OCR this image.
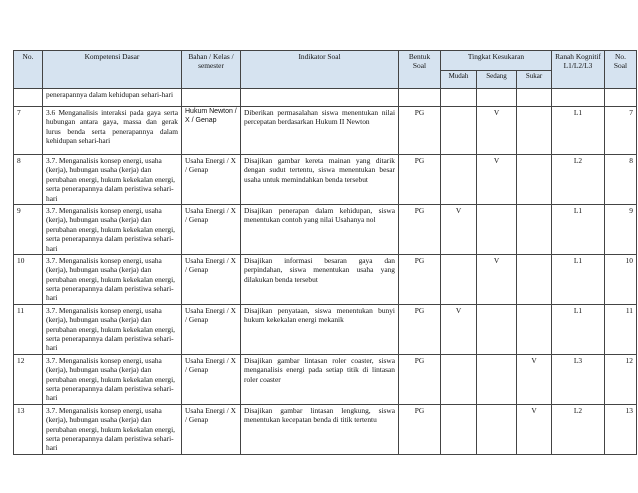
No.	Kompetensi Dasar	Bahan / Kelas / semester	Indikator Soal	Bentuk Soal	Tingkat Kesukaran			Ranah Kognitif L1/L2/L3	No. Soal
					Mudah	Sedang	Sukar		
	penerapannya dalam kehidupan sehari-hari								
7	3.6 Menganalisis interaksi pada gaya serta hubungan antara gaya, massa dan gerak lurus benda serta penerapannya dalam kehidupan sehari-hari	Hukum Newton / X / Genap	Diberikan permasalahan siswa menentukan nilai percepatan berdasarkan Hukum II Newton	PG		V		L1	7
8	3.7. Menganalisis konsep energi, usaha (kerja), hubungan usaha (kerja) dan perubahan energi, hukum kekekalan energi, serta penerapannya dalam peristiwa sehari-hari	Usaha Energi / X / Genap	Disajikan gambar kereta mainan yang ditarik dengan sudut tertentu, siswa menentukan besar usaha untuk memindahkan benda tersebut	PG		V		L2	8
9	3.7. Menganalisis konsep energi, usaha (kerja), hubungan usaha (kerja) dan perubahan energi, hukum kekekalan energi, serta penerapannya dalam peristiwa sehari-hari	Usaha Energi / X / Genap	Disajikan penerapan dalam kehidupan, siswa menentukan contoh yang nilai Usahanya nol	PG	V			L1	9
10	3.7. Menganalisis konsep energi, usaha (kerja), hubungan usaha (kerja) dan perubahan energi, hukum kekekalan energi, serta penerapannya dalam peristiwa sehari-hari	Usaha Energi / X / Genap	Disajikan informasi besaran gaya dan perpindahan, siswa menentukan usaha yang dilakukan benda tersebut	PG		V		L1	10
11	3.7. Menganalisis konsep energi, usaha (kerja), hubungan usaha (kerja) dan perubahan energi, hukum kekekalan energi, serta penerapannya dalam peristiwa sehari-hari	Usaha Energi / X / Genap	Disajikan penyataan, siswa menentukan bunyi hukum kekekalan energi mekanik	PG	V			L1	11
12	3.7. Menganalisis konsep energi, usaha (kerja), hubungan usaha (kerja) dan perubahan energi, hukum kekekalan energi, serta penerapannya dalam peristiwa sehari-hari	Usaha Energi / X / Genap	Disajikan gambar lintasan roler coaster, siswa menganalisis energi pada setiap titik di lintasan roler coaster	PG			V	L3	12
13	3.7. Menganalisis konsep energi, usaha (kerja), hubungan usaha (kerja) dan perubahan energi, hukum kekekalan energi, serta penerapannya dalam peristiwa sehari-hari	Usaha Energi / X / Genap	Disajikan gambar lintasan lengkung, siswa menentukan kecepatan benda di titik tertentu	PG			V	L2	13
